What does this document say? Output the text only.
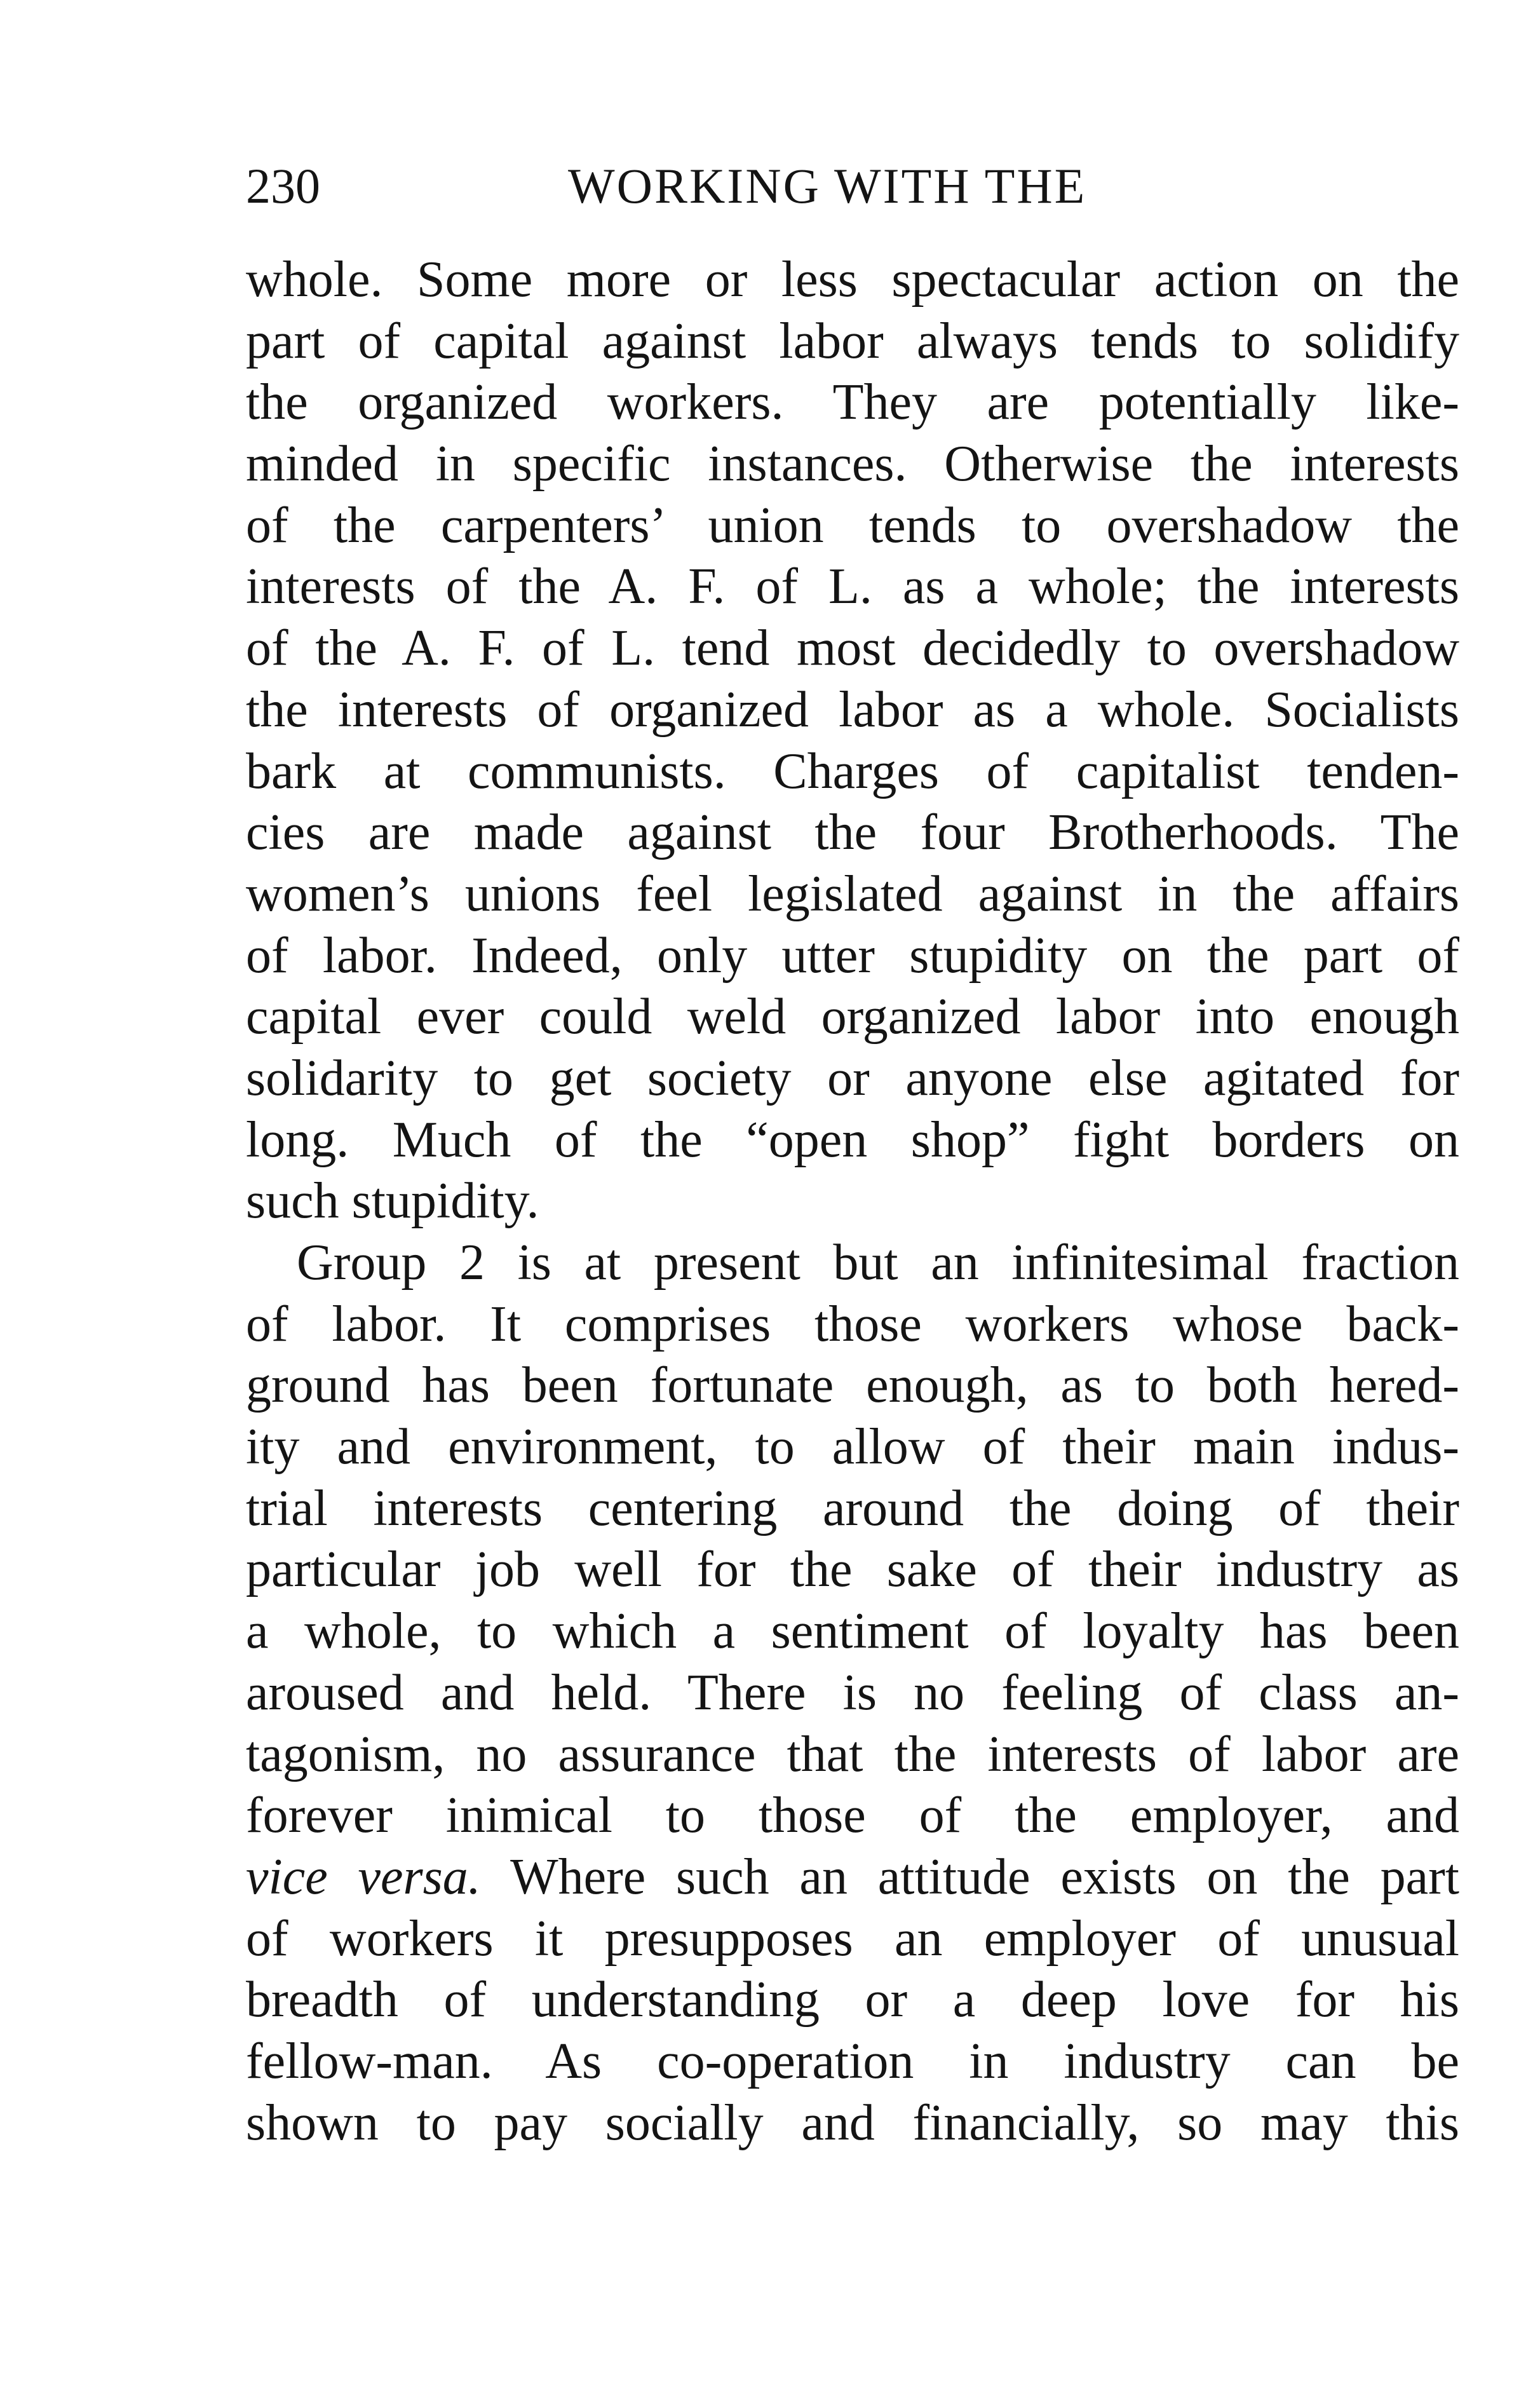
230	WORKING WITH THE
whole. Some more or less spectacular action on the
part of capital against labor always tends to solidify
the organized workers. They are potentially like-
minded in specific instances. Otherwise the interests
of the carpenters’ union tends to overshadow the
interests of the A. F. of L. as a whole; the interests
of the A. F. of L. tend most decidedly to overshadow
the interests of organized labor as a whole. Socialists
bark at communists. Charges of capitalist tenden-
cies are made against the four Brotherhoods. The
women’s unions feel legislated against in the affairs
of labor. Indeed, only utter stupidity on the part of
capital ever could weld organized labor into enough
solidarity to get society or anyone else agitated for
long. Much of the “open shop” fight borders on
such stupidity.
Group 2 is at present but an infinitesimal fraction
of labor. It comprises those workers whose back-
ground has been fortunate enough, as to both hered-
ity and environment, to allow of their main indus-
trial interests centering around the doing of their
particular job well for the sake of their industry as
a whole, to which a sentiment of loyalty has been
aroused and held. There is no feeling of class an-
tagonism, no assurance that the interests of labor are
forever inimical to those of the employer, and
vice versa. Where such an attitude exists on the part
of workers it presupposes an employer of unusual
breadth of understanding or a deep love for his
fellow-man. As co-operation in industry can be
shown to pay socially and financially, so may this
